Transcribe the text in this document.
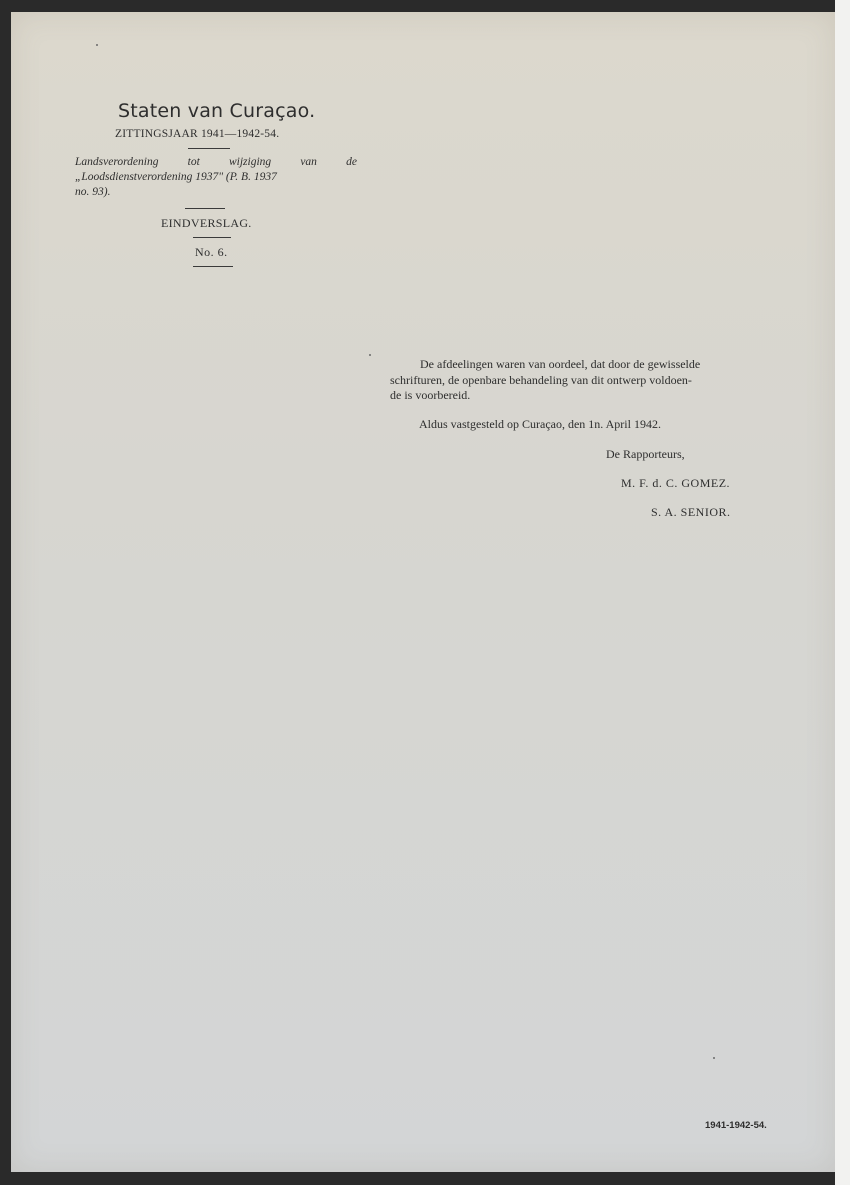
Staten van Curaçao.
ZITTINGSJAAR 1941—1942-54.
Landsverordening	tot	wijziging	van	de
„Loodsdienstverordening 1937" (P. B. 1937
no. 93).
EINDVERSLAG.
No. 6.
De afdeelingen waren van oordeel, dat door de gewisselde
schrifturen, de openbare behandeling van dit ontwerp voldoen-
de is voorbereid.
Aldus vastgesteld op Curaçao, den 1n. April 1942.
De Rapporteurs,
M. F. d. C. GOMEZ.
S. A. SENIOR.
1941-1942-54.
